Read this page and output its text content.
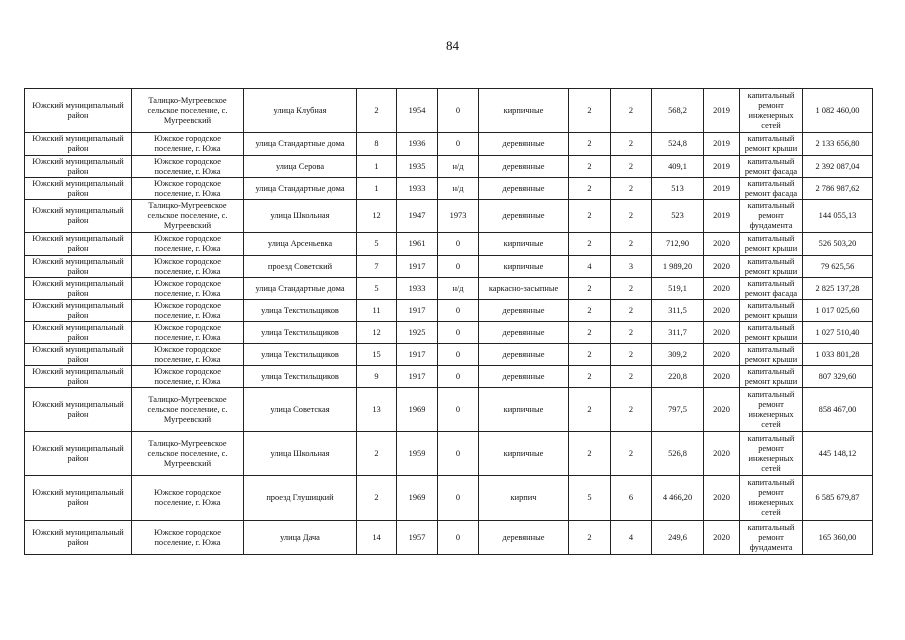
84
Южский муниципальный район	Талицко-Мугреевское сельское поселение, с. Мугреевский	улица Клубная	2	1954	0	кирпичные	2	2	568,2	2019	капитальный ремонт инженерных сетей	1 082 460,00
Южский муниципальный район	Южское городское поселение, г. Южа	улица Стандартные дома	8	1936	0	деревянные	2	2	524,8	2019	капитальный ремонт крыши	2 133 656,80
Южский муниципальный район	Южское городское поселение, г. Южа	улица Серова	1	1935	н/д	деревянные	2	2	409,1	2019	капитальный ремонт фасада	2 392 087,04
Южский муниципальный район	Южское городское поселение, г. Южа	улица Стандартные дома	1	1933	н/д	деревянные	2	2	513	2019	капитальный ремонт фасада	2 786 987,62
Южский муниципальный район	Талицко-Мугреевское сельское поселение, с. Мугреевский	улица Школьная	12	1947	1973	деревянные	2	2	523	2019	капитальный ремонт фундамента	144 055,13
Южский муниципальный район	Южское городское поселение, г. Южа	улица Арсеньевка	5	1961	0	кирпичные	2	2	712,90	2020	капитальный ремонт крыши	526 503,20
Южский муниципальный район	Южское городское поселение, г. Южа	проезд Советский	7	1917	0	кирпичные	4	3	1 989,20	2020	капитальный ремонт крыши	79 625,56
Южский муниципальный район	Южское городское поселение, г. Южа	улица Стандартные дома	5	1933	н/д	каркасно-засыпные	2	2	519,1	2020	капитальный ремонт фасада	2 825 137,28
Южский муниципальный район	Южское городское поселение, г. Южа	улица Текстильщиков	11	1917	0	деревянные	2	2	311,5	2020	капитальный ремонт крыши	1 017 025,60
Южский муниципальный район	Южское городское поселение, г. Южа	улица Текстильщиков	12	1925	0	деревянные	2	2	311,7	2020	капитальный ремонт крыши	1 027 510,40
Южский муниципальный район	Южское городское поселение, г. Южа	улица Текстильщиков	15	1917	0	деревянные	2	2	309,2	2020	капитальный ремонт крыши	1 033 801,28
Южский муниципальный район	Южское городское поселение, г. Южа	улица Текстильщиков	9	1917	0	деревянные	2	2	220,8	2020	капитальный ремонт крыши	807 329,60
Южский муниципальный район	Талицко-Мугреевское сельское поселение, с. Мугреевский	улица Советская	13	1969	0	кирпичные	2	2	797,5	2020	капитальный ремонт инженерных сетей	858 467,00
Южский муниципальный район	Талицко-Мугреевское сельское поселение, с. Мугреевский	улица Школьная	2	1959	0	кирпичные	2	2	526,8	2020	капитальный ремонт инженерных сетей	445 148,12
Южский муниципальный район	Южское городское поселение, г. Южа	проезд Глушицкий	2	1969	0	кирпич	5	6	4 466,20	2020	капитальный ремонт инженерных сетей	6 585 679,87
Южский муниципальный район	Южское городское поселение, г. Южа	улица Дача	14	1957	0	деревянные	2	4	249,6	2020	капитальный ремонт фундамента	165 360,00
